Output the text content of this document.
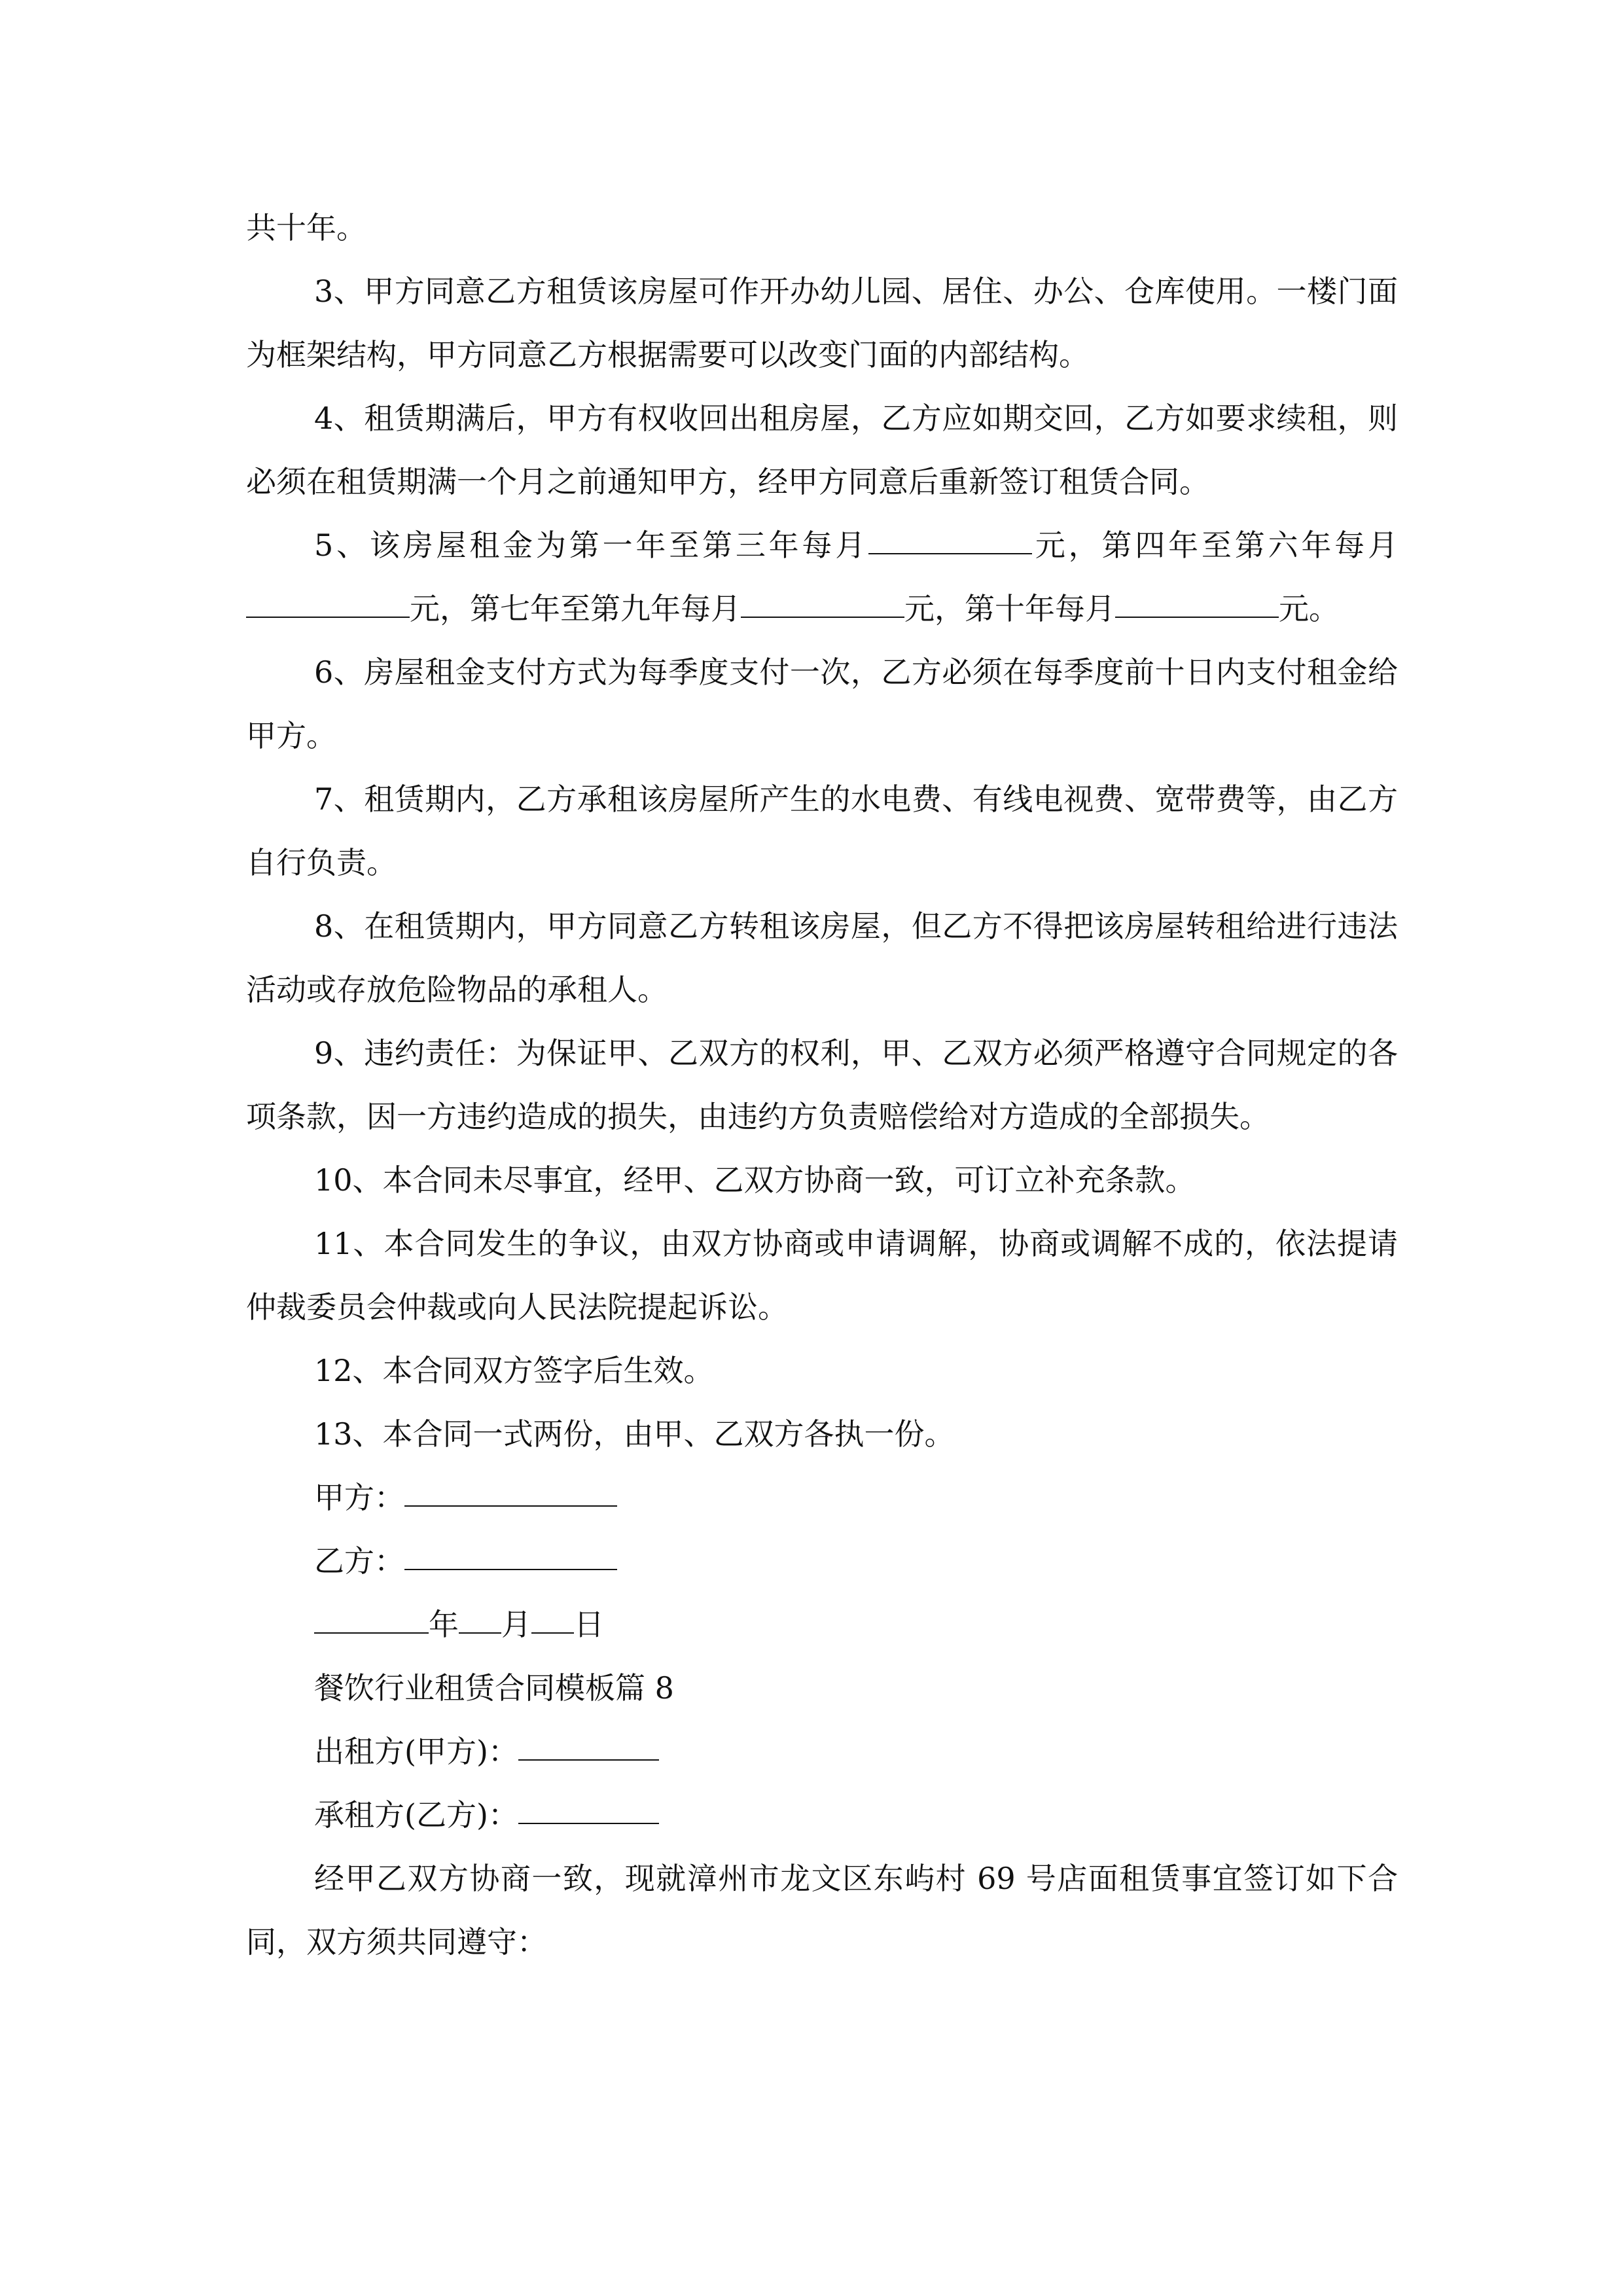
共十年。

3、甲方同意乙方租赁该房屋可作开办幼儿园、居住、办公、仓库使用。一楼门面为框架结构，甲方同意乙方根据需要可以改变门面的内部结构。

4、租赁期满后，甲方有权收回出租房屋，乙方应如期交回，乙方如要求续租，则必须在租赁期满一个月之前通知甲方，经甲方同意后重新签订租赁合同。

5、该房屋租金为第一年至第三年每月	元，第四年至第六年每月元，第七年至第九年每月	元，第十年每月	元。

6、房屋租金支付方式为每季度支付一次，乙方必须在每季度前十日内支付租金给甲方。

7、租赁期内，乙方承租该房屋所产生的水电费、有线电视费、宽带费等，由乙方自行负责。

8、在租赁期内，甲方同意乙方转租该房屋，但乙方不得把该房屋转租给进行违法活动或存放危险物品的承租人。

9、违约责任：为保证甲、乙双方的权利，甲、乙双方必须严格遵守合同规定的各项条款，因一方违约造成的损失，由违约方负责赔偿给对方造成的全部损失。

10、本合同未尽事宜，经甲、乙双方协商一致，可订立补充条款。

11、本合同发生的争议，由双方协商或申请调解，协商或调解不成的，依法提请仲裁委员会仲裁或向人民法院提起诉讼。

12、本合同双方签字后生效。

13、本合同一式两份，由甲、乙双方各执一份。

甲方：

乙方：

年 月 日

餐饮行业租赁合同模板篇 8

出租方(甲方)：

承租方(乙方)：

经甲乙双方协商一致，现就漳州市龙文区东屿村 69 号店面租赁事宜签订如下合同，双方须共同遵守：
